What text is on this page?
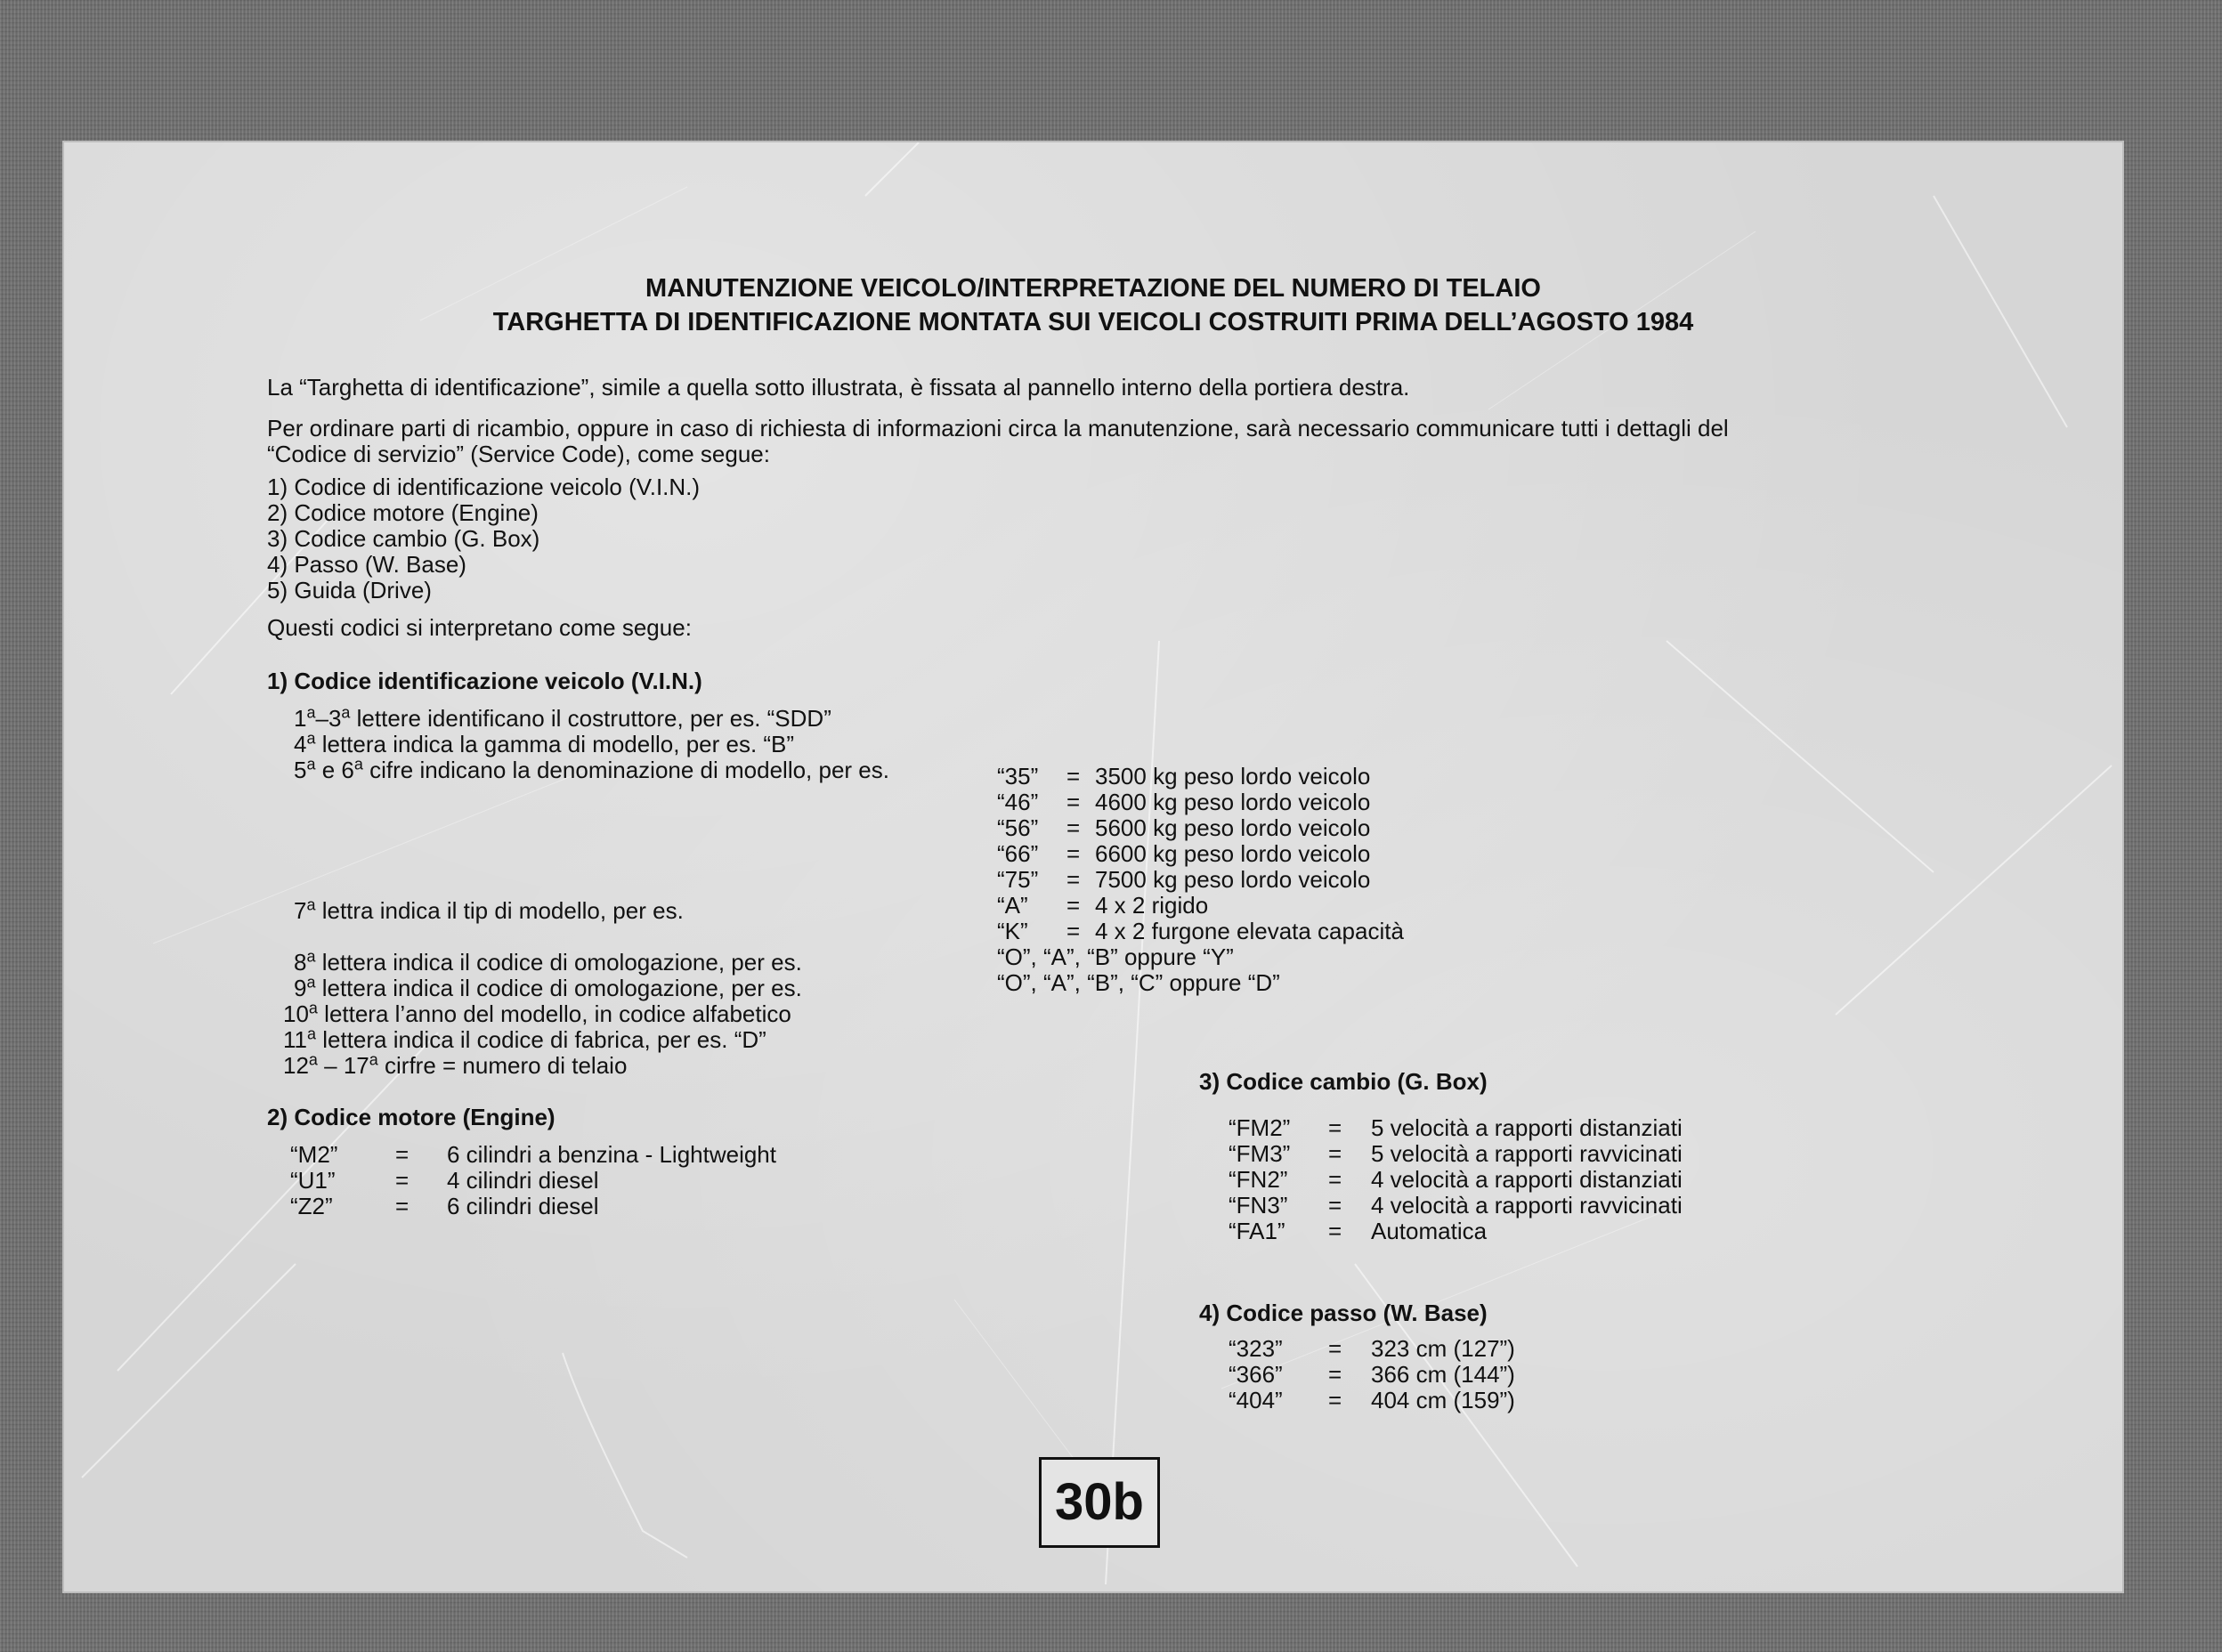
MANUTENZIONE VEICOLO/INTERPRETAZIONE DEL NUMERO DI TELAIO
TARGHETTA DI IDENTIFICAZIONE MONTATA SUI VEICOLI COSTRUITI PRIMA DELL’AGOSTO 1984
La “Targhetta di identificazione”, simile a quella sotto illustrata, è fissata al pannello interno della portiera destra.
Per ordinare parti di ricambio, oppure in caso di richiesta di informazioni circa la manutenzione, sarà necessario communicare tutti i dettagli del
“Codice di servizio” (Service Code), come segue:
1) Codice di identificazione veicolo (V.I.N.)
2) Codice motore (Engine)
3) Codice cambio (G. Box)
4) Passo (W. Base)
5) Guida (Drive)
Questi codici si interpretano come segue:
1) Codice identificazione veicolo (V.I.N.)
1$^a$–3$^a$ lettere identificano il costruttore, per es. “SDD”
4$^a$ lettera indica la gamma di modello, per es. “B”
5$^a$ e 6$^a$ cifre indicano la denominazione di modello, per es.
7$^a$ lettra indica il tip di modello, per es.
8$^a$ lettera indica il codice di omologazione, per es.
9$^a$ lettera indica il codice di omologazione, per es.
10$^a$ lettera l’anno del modello, in codice alfabetico
11$^a$ lettera indica il codice di fabrica, per es. “D”
12$^a$ – 17$^a$ cirfre = numero di telaio
“35” = 3500 kg peso lordo veicolo
“46” = 4600 kg peso lordo veicolo
“56” = 5600 kg peso lordo veicolo
“66” = 6600 kg peso lordo veicolo
“75” = 7500 kg peso lordo veicolo
“A” = 4 x 2 rigido
“K” = 4 x 2 furgone elevata capacità
“O”, “A”, “B” oppure “Y”
“O”, “A”, “B”, “C” oppure “D”
2) Codice motore (Engine)
“M2” = 6 cilindri a benzina - Lightweight
“U1”	= 4 cilindri diesel
“Z2”	= 6 cilindri diesel
3) Codice cambio (G. Box)
“FM2” = 5 velocità a rapporti distanziati
“FM3” = 5 velocità a rapporti ravvicinati
“FN2” = 4 velocità a rapporti distanziati
“FN3” = 4 velocità a rapporti ravvicinati
“FA1” = Automatica
4) Codice passo (W. Base)
“323” = 323 cm (127”)
“366” = 366 cm (144”)
“404” = 404 cm (159”)
30b
